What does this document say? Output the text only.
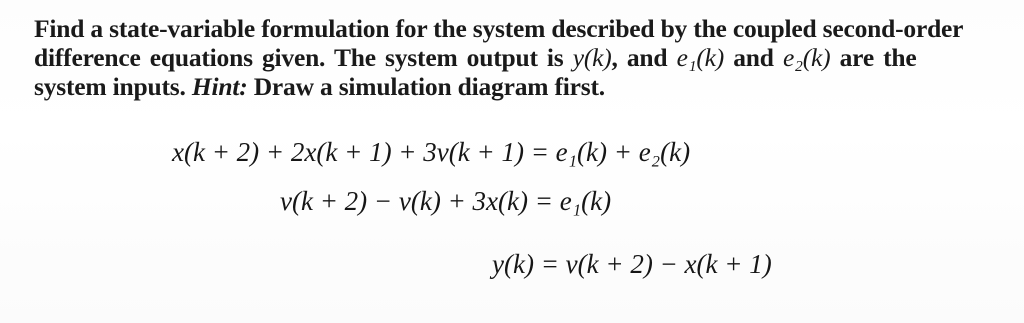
Find a state-variable formulation for the system described by the coupled second-order
difference equations given. The system output is y(k), and e₁(k) and e₂(k) are the
system inputs. Hint: Draw a simulation diagram first.
x(k + 2) + 2x(k + 1) + 3v(k + 1) = e₁(k) + e₂(k)
v(k + 2) − v(k) + 3x(k) = e₁(k)
y(k) = v(k + 2) − x(k + 1)
